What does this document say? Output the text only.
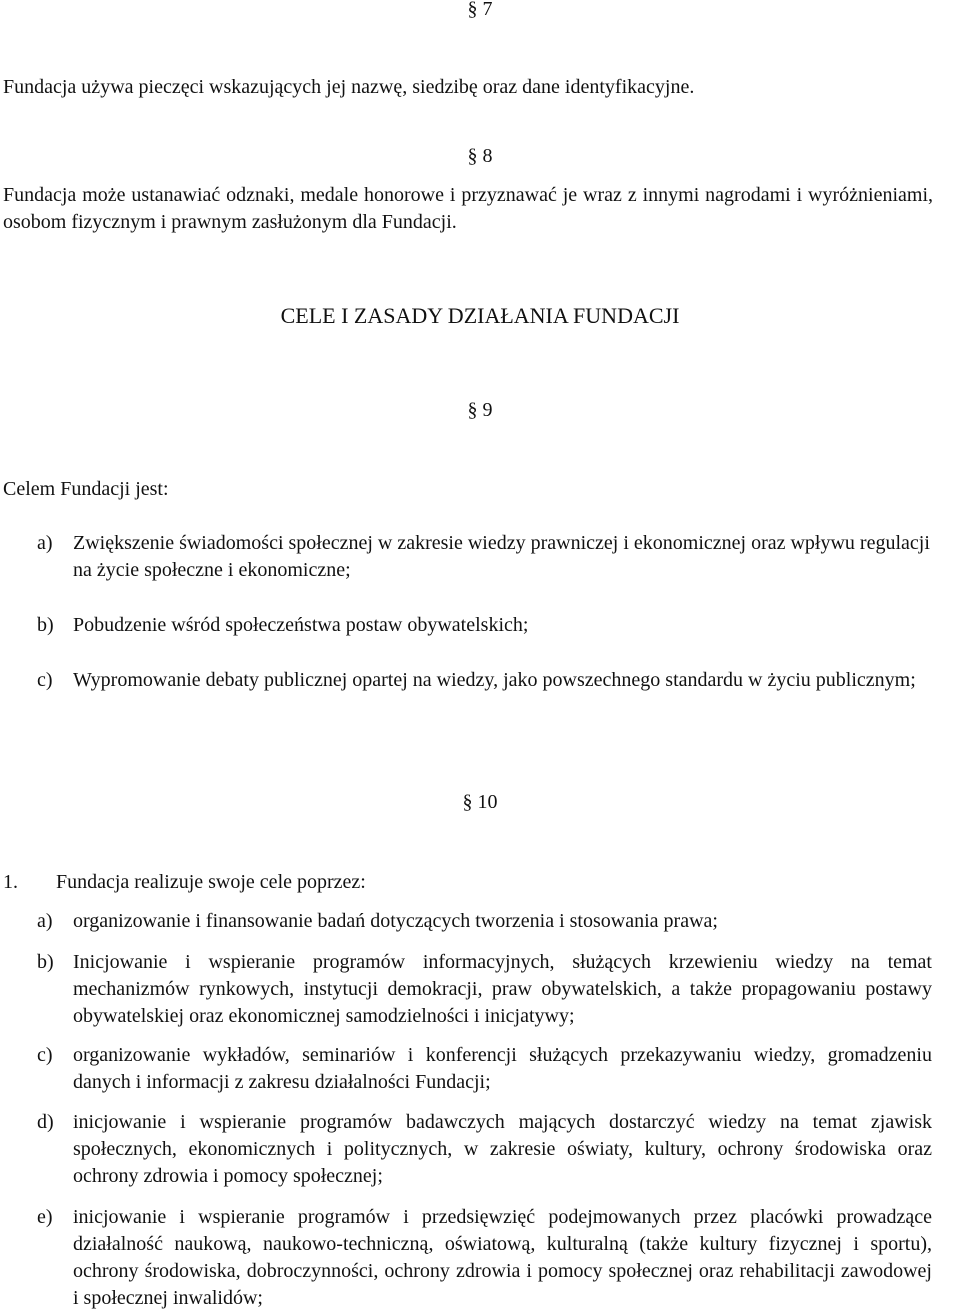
§ 7

Fundacja używa pieczęci wskazujących jej nazwę, siedzibę oraz dane identyfikacyjne.

§ 8

Fundacja może ustanawiać odznaki, medale honorowe i przyznawać je wraz z innymi nagrodami i wyróżnieniami, osobom fizycznym i prawnym zasłużonym dla Fundacji.

CELE I ZASADY DZIAŁANIA FUNDACJI
§ 9

Celem Fundacji jest:

a)	Zwiększenie świadomości społecznej w zakresie wiedzy prawniczej i ekonomicznej oraz wpływu regulacji na życie społeczne i ekonomiczne;
b) Pobudzenie wśród społeczeństwa postaw obywatelskich;
c)	Wypromowanie debaty publicznej opartej na wiedzy, jako powszechnego standardu w życiu publicznym;
§ 10
1.	Fundacja realizuje swoje cele poprzez:
a)	organizowanie i finansowanie badań dotyczących tworzenia i stosowania prawa;
b) Inicjowanie i wspieranie programów informacyjnych, służących krzewieniu wiedzy na temat mechanizmów rynkowych, instytucji demokracji, praw obywatelskich, a także propagowaniu postawy obywatelskiej oraz ekonomicznej samodzielności i inicjatywy;
c)	organizowanie wykładów, seminariów i konferencji służących przekazywaniu wiedzy, gromadzeniu danych i informacji z zakresu działalności Fundacji;
d) inicjowanie i wspieranie programów badawczych mających dostarczyć wiedzy na temat zjawisk społecznych, ekonomicznych i politycznych, w zakresie oświaty, kultury, ochrony środowiska oraz ochrony zdrowia i pomocy społecznej;
e)	inicjowanie i wspieranie programów i przedsięwzięć podejmowanych przez placówki prowadzące działalność naukową, naukowo-techniczną, oświatową, kulturalną (także kultury fizycznej i sportu), ochrony środowiska, dobroczynności, ochrony zdrowia i pomocy społecznej oraz rehabilitacji zawodowej i społecznej inwalidów;
